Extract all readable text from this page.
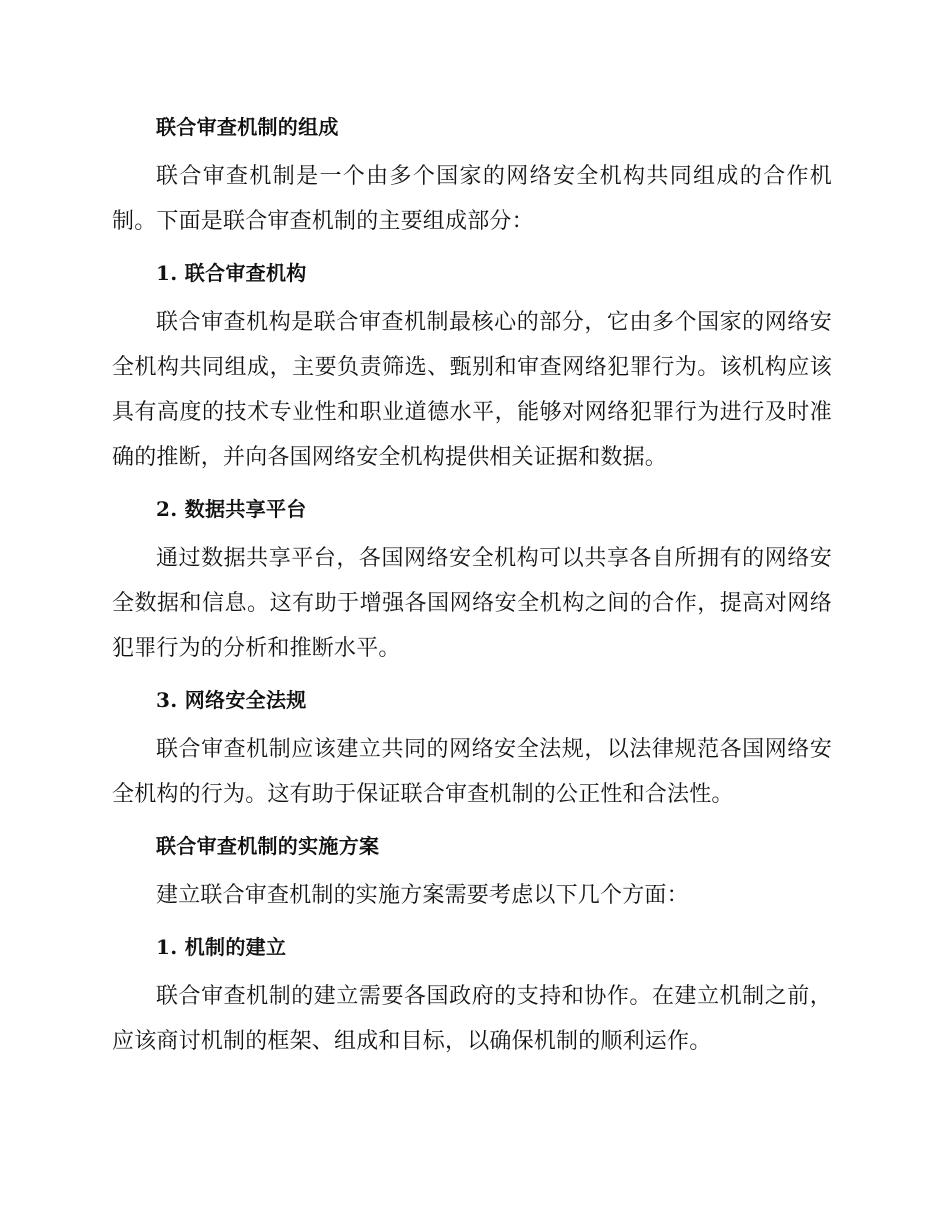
联合审查机制的组成

联合审查机制是一个由多个国家的网络安全机构共同组成的合作机制。下面是联合审查机制的主要组成部分：

1. 联合审查机构

联合审查机构是联合审查机制最核心的部分，它由多个国家的网络安全机构共同组成，主要负责筛选、甄别和审查网络犯罪行为。该机构应该具有高度的技术专业性和职业道德水平，能够对网络犯罪行为进行及时准确的推断，并向各国网络安全机构提供相关证据和数据。

2. 数据共享平台

通过数据共享平台，各国网络安全机构可以共享各自所拥有的网络安全数据和信息。这有助于增强各国网络安全机构之间的合作，提高对网络犯罪行为的分析和推断水平。

3. 网络安全法规

联合审查机制应该建立共同的网络安全法规，以法律规范各国网络安全机构的行为。这有助于保证联合审查机制的公正性和合法性。

联合审查机制的实施方案

建立联合审查机制的实施方案需要考虑以下几个方面：

1. 机制的建立

联合审查机制的建立需要各国政府的支持和协作。在建立机制之前，应该商讨机制的框架、组成和目标，以确保机制的顺利运作。
